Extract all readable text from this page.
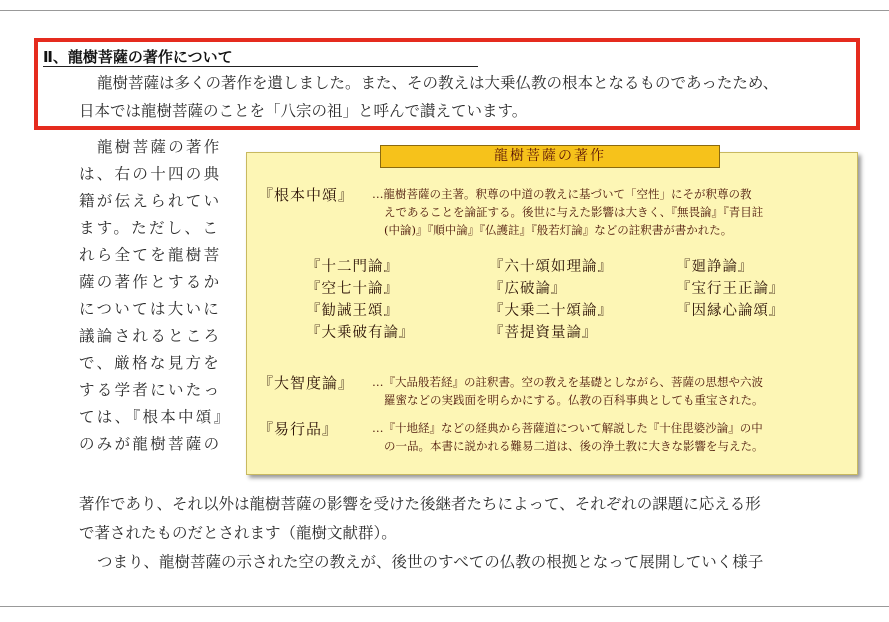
Ⅱ、龍樹菩薩の著作について
龍樹菩薩は多くの著作を遺しました。また、その教えは大乗仏教の根本となるものであったため、
日本では龍樹菩薩のことを「八宗の祖」と呼んで讃えています。
龍樹菩薩の著作
は、右の十四の典
籍が伝えられてい
ます。ただし、こ
れら全てを龍樹菩
薩の著作とするか
については大いに
議論されるところ
で、厳格な見方を
する学者にいたっ
ては、『根本中頌』
のみが龍樹菩薩の
龍樹菩薩の著作
『根本中頌』 …龍樹菩薩の主著。釈尊の中道の教えに基づいて「空性」にそが釈尊の教
えであることを論証する。後世に与えた影響は大きく、『無畏論』『青目註
(中論)』『順中論』『仏護註』『般若灯論』などの註釈書が書かれた。
『十二門論』	『六十頌如理論』	『廻諍論』
『空七十論』	『広破論』	『宝行王正論』
『勧誡王頌』	『大乗二十頌論』	『因縁心論頌』
『大乗破有論』	『菩提資量論』
『大智度論』 …『大品般若経』の註釈書。空の教えを基礎としながら、菩薩の思想や六波
羅蜜などの実践面を明らかにする。仏教の百科事典としても重宝された。
『易行品』	…『十地経』などの経典から菩薩道について解説した『十住毘婆沙論』の中
の一品。本書に説かれる難易二道は、後の浄土教に大きな影響を与えた。
著作であり、それ以外は龍樹菩薩の影響を受けた後継者たちによって、それぞれの課題に応える形
で著されたものだとされます（龍樹文献群）。
つまり、龍樹菩薩の示された空の教えが、後世のすべての仏教の根拠となって展開していく様子
